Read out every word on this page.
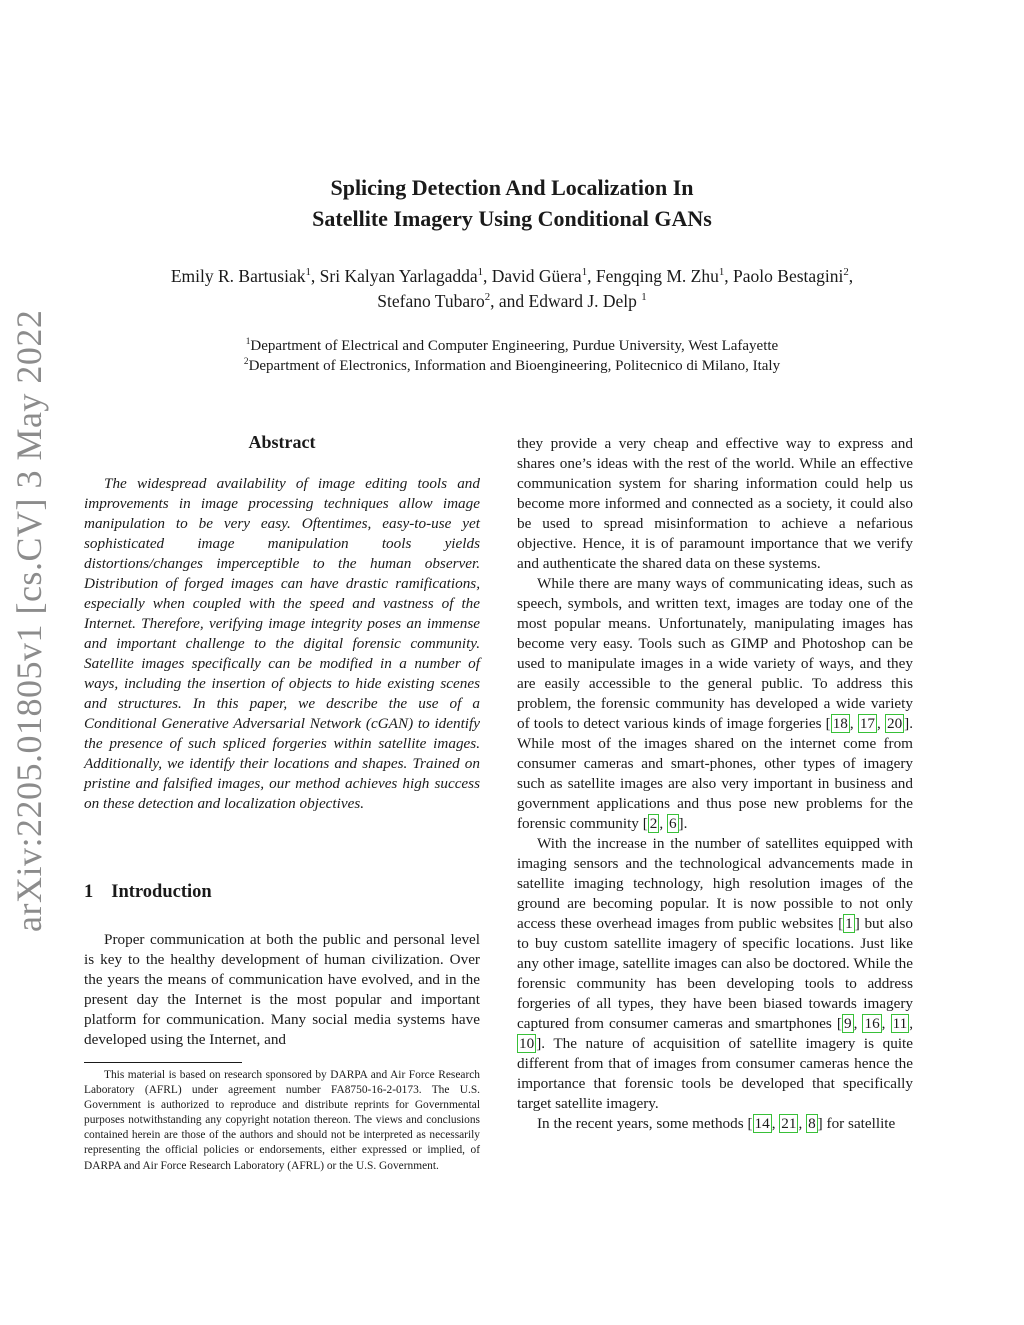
arXiv:2205.01805v1 [cs.CV] 3 May 2022
Splicing Detection And Localization In
Satellite Imagery Using Conditional GANs
Emily R. Bartusiak$^1$, Sri Kalyan Yarlagadda$^1$, David Güera$^1$, Fengqing M. Zhu$^1$, Paolo Bestagini$^2$,
Stefano Tubaro$^2$, and Edward J. Delp $^1$
$^1$Department of Electrical and Computer Engineering, Purdue University, West Lafayette
$^2$Department of Electronics, Information and Bioengineering, Politecnico di Milano, Italy
Abstract

The widespread availability of image editing tools and improvements in image processing techniques allow image manipulation to be very easy. Oftentimes, easy-to-use yet sophisticated image manipulation tools yields distortions/changes imperceptible to the human observer. Distribution of forged images can have drastic ramifications, especially when coupled with the speed and vastness of the Internet. Therefore, verifying image integrity poses an immense and important challenge to the digital forensic community. Satellite images specifically can be modified in a number of ways, including the insertion of objects to hide existing scenes and structures. In this paper, we describe the use of a Conditional Generative Adversarial Network (cGAN) to identify the presence of such spliced forgeries within satellite images. Additionally, we identify their locations and shapes. Trained on pristine and falsified images, our method achieves high success on these detection and localization objectives.

1 Introduction

Proper communication at both the public and personal level is key to the healthy development of human civilization. Over the years the means of communication have evolved, and in the present day the Internet is the most popular and important platform for communication. Many social media systems have developed using the Internet, and

This material is based on research sponsored by DARPA and Air Force Research Laboratory (AFRL) under agreement number FA8750-16-2-0173. The U.S. Government is authorized to reproduce and distribute reprints for Governmental purposes notwithstanding any copyright notation thereon. The views and conclusions contained herein are those of the authors and should not be interpreted as necessarily representing the official policies or endorsements, either expressed or implied, of DARPA and Air Force Research Laboratory (AFRL) or the U.S. Government.

they provide a very cheap and effective way to express and shares one’s ideas with the rest of the world. While an effective communication system for sharing information could help us become more informed and connected as a society, it could also be used to spread misinformation to achieve a nefarious objective. Hence, it is of paramount importance that we verify and authenticate the shared data on these systems.

While there are many ways of communicating ideas, such as speech, symbols, and written text, images are today one of the most popular means. Unfortunately, manipulating images has become very easy. Tools such as GIMP and Photoshop can be used to manipulate images in a wide variety of ways, and they are easily accessible to the general public. To address this problem, the forensic community has developed a wide variety of tools to detect various kinds of image forgeries [ 18 , 17 , 20 ]. While most of the images shared on the internet come from consumer cameras and smart-phones, other types of imagery such as satellite images are also very important in business and government applications and thus pose new problems for the forensic community [ 2 , 6 ].

With the increase in the number of satellites equipped with imaging sensors and the technological advancements made in satellite imaging technology, high resolution images of the ground are becoming popular. It is now possible to not only access these overhead images from public websites [ 1 ] but also to buy custom satellite imagery of specific locations. Just like any other image, satellite images can also be doctored. While the forensic community has been developing tools to address forgeries of all types, they have been biased towards imagery captured from consumer cameras and smartphones [ 9 , 16 , 11 , 10 ]. The nature of acquisition of satellite imagery is quite different from that of images from consumer cameras hence the importance that forensic tools be developed that specifically target satellite imagery.

In the recent years, some methods [ 14 , 21 , 8 ] for satellite
